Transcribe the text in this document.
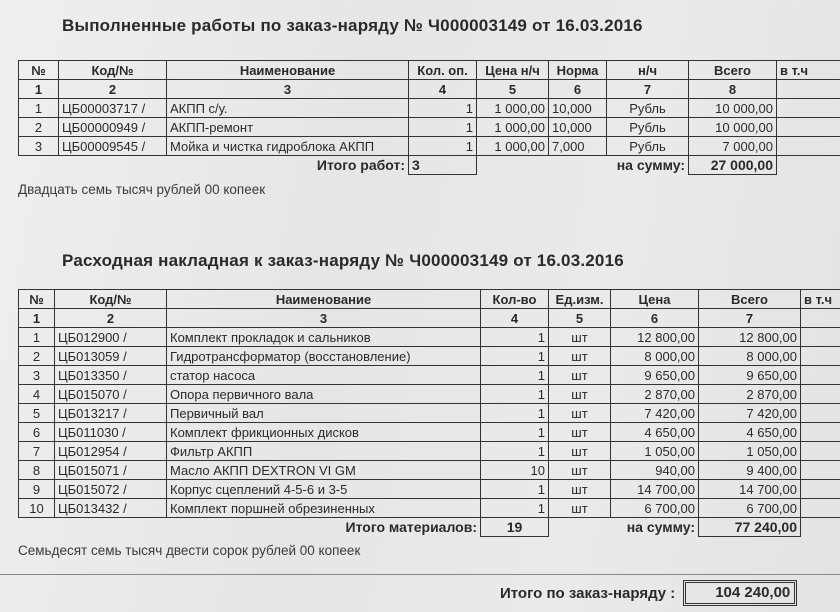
Выполненные работы по заказ-наряду № Ч000003149 от 16.03.2016
№	Код/№	Наименование	Кол. оп.	Цена н/ч	Норма	н/ч	Всего	в т.ч
1	2	3	4	5	6	7	8	
1	ЦБ00003717 /	АКПП с/у.	1	1 000,00	10,000	Рубль	10 000,00	
2	ЦБ00000949 /	АКПП-ремонт	1	1 000,00	10,000	Рубль	10 000,00	
3	ЦБ00009545 /	Мойка и чистка гидроблока АКПП	1	1 000,00	7,000	Рубль	7 000,00	
Итого работ:			3	на сумму:			27 000,00	
Двадцать семь тысяч рублей 00 копеек
Расходная накладная к заказ-наряду № Ч000003149 от 16.03.2016
№	Код/№	Наименование	Кол-во	Ед.изм.	Цена	Всего	в т.ч
1	2	3	4	5	6	7	
1	ЦБ012900 /	Комплект прокладок и сальников	1	шт	12 800,00	12 800,00	
2	ЦБ013059 /	Гидротрансформатор (восстановление)	1	шт	8 000,00	8 000,00	
3	ЦБ013350 /	статор насоса	1	шт	9 650,00	9 650,00	
4	ЦБ015070 /	Опора первичного вала	1	шт	2 870,00	2 870,00	
5	ЦБ013217 /	Первичный вал	1	шт	7 420,00	7 420,00	
6	ЦБ011030 /	Комплект фрикционных дисков	1	шт	4 650,00	4 650,00	
7	ЦБ012954 /	Фильтр АКПП	1	шт	1 050,00	1 050,00	
8	ЦБ015071 /	Масло АКПП DEXTRON VI GM	10	шт	940,00	9 400,00	
9	ЦБ015072 /	Корпус сцеплений 4-5-6 и 3-5	1	шт	14 700,00	14 700,00	
10	ЦБ013432 /	Комплект поршней обрезиненных	1	шт	6 700,00	6 700,00	
Итого материалов:			19	на сумму:		77 240,00	
Семьдесят семь тысяч двести сорок рублей 00 копеек
Итого по заказ-наряду :	104 240,00
